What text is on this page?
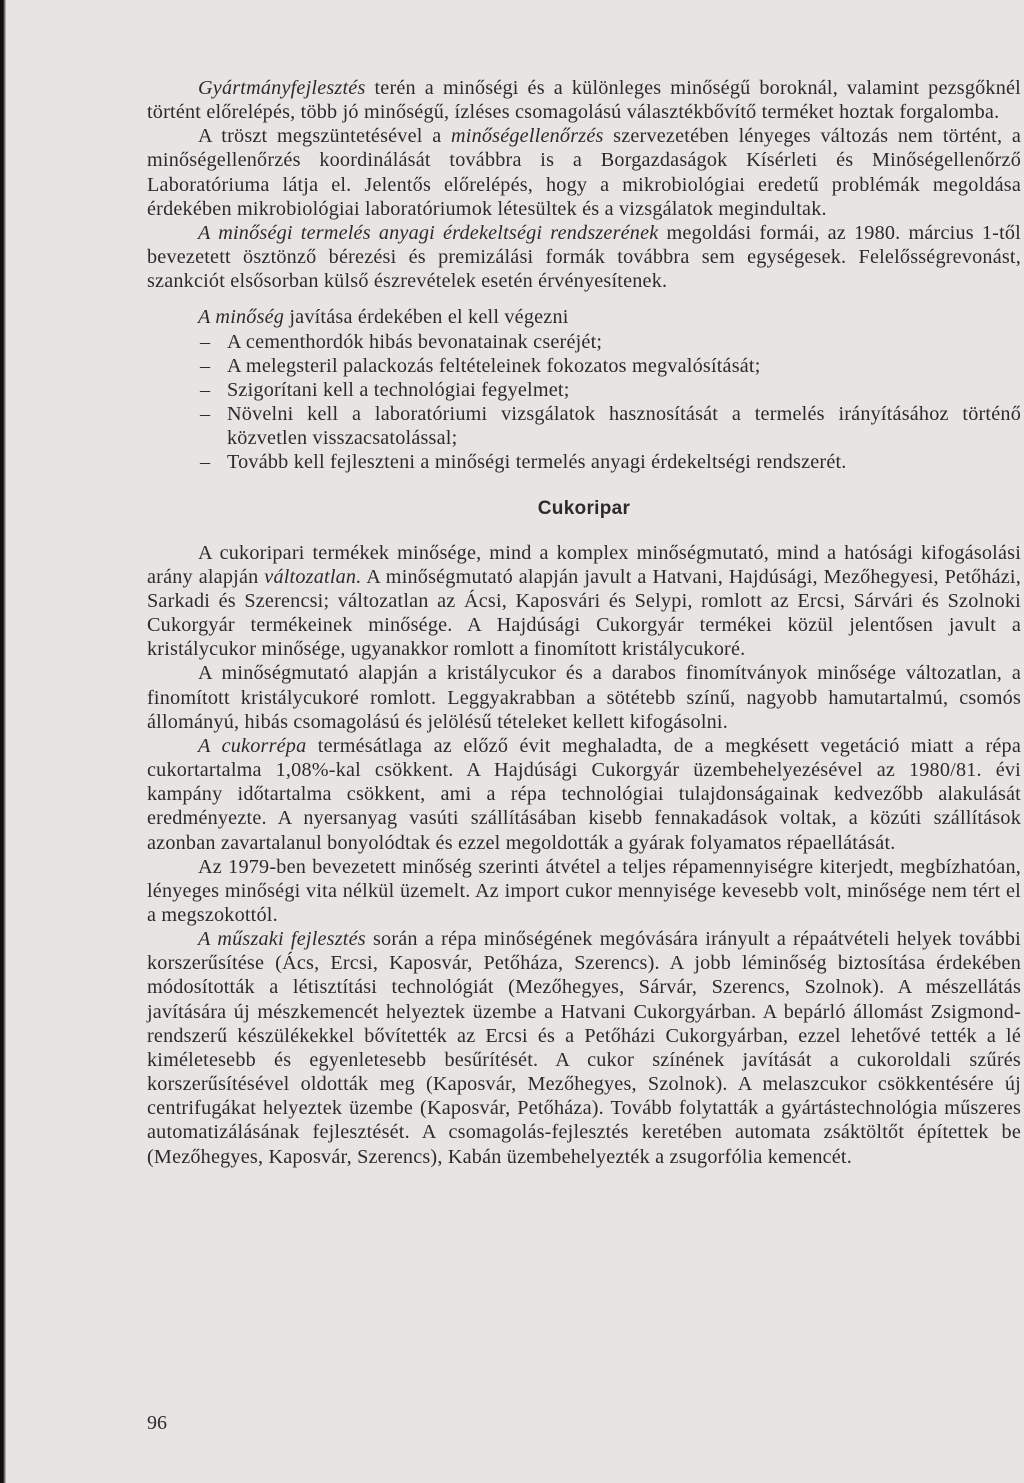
Gyártmányfejlesztés terén a minőségi és a különleges minőségű boroknál, valamint pezsgőknél történt előrelépés, több jó minőségű, ízléses csomagolású választékbővítő terméket hoztak forgalomba.

A tröszt megszüntetésével a minőségellenőrzés szervezetében lényeges változás nem történt, a minőségellenőrzés koordinálását továbbra is a Borgazdaságok Kísérleti és Minőségellenőrző Laboratóriuma látja el. Jelentős előrelépés, hogy a mikrobiológiai eredetű problémák megoldása érdekében mikrobiológiai laboratóriumok létesültek és a vizsgálatok megindultak.

A minőségi termelés anyagi érdekeltségi rendszerének megoldási formái, az 1980. március 1-től bevezetett ösztönző bérezési és premizálási formák továbbra sem egységesek. Felelősségrevonást, szankciót elsősorban külső észrevételek esetén érvényesítenek.

A minőség javítása érdekében el kell végezni

– A cementhordók hibás bevonatainak cseréjét;
– A melegsteril palackozás feltételeinek fokozatos megvalósítását;
– Szigorítani kell a technológiai fegyelmet;
– Növelni kell a laboratóriumi vizsgálatok hasznosítását a termelés irányításához történő közvetlen visszacsatolással;
– Tovább kell fejleszteni a minőségi termelés anyagi érdekeltségi rendszerét.
Cukoripar

A cukoripari termékek minősége, mind a komplex minőségmutató, mind a hatósági kifogásolási arány alapján változatlan. A minőségmutató alapján javult a Hatvani, Hajdúsági, Mezőhegyesi, Petőházi, Sarkadi és Szerencsi; változatlan az Ácsi, Kaposvári és Selypi, romlott az Ercsi, Sárvári és Szolnoki Cukorgyár termékeinek minősége. A Hajdúsági Cukorgyár termékei közül jelentősen javult a kristálycukor minősége, ugyanakkor romlott a finomított kristálycukoré.

A minőségmutató alapján a kristálycukor és a darabos finomítványok minősége változatlan, a finomított kristálycukoré romlott. Leggyakrabban a sötétebb színű, nagyobb hamutartalmú, csomós állományú, hibás csomagolású és jelölésű tételeket kellett kifogásolni.

A cukorrépa termésátlaga az előző évit meghaladta, de a megkésett vegetáció miatt a répa cukortartalma 1,08%-kal csökkent. A Hajdúsági Cukorgyár üzembehelyezésével az 1980/81. évi kampány időtartalma csökkent, ami a répa technológiai tulajdonságainak kedvezőbb alakulását eredményezte. A nyersanyag vasúti szállításában kisebb fennakadások voltak, a közúti szállítások azonban zavartalanul bonyolódtak és ezzel megoldották a gyárak folyamatos répaellátását.

Az 1979-ben bevezetett minőség szerinti átvétel a teljes répamennyiségre kiterjedt, megbízhatóan, lényeges minőségi vita nélkül üzemelt. Az import cukor mennyisége kevesebb volt, minősége nem tért el a megszokottól.

A műszaki fejlesztés során a répa minőségének megóvására irányult a répaátvételi helyek további korszerűsítése (Ács, Ercsi, Kaposvár, Petőháza, Szerencs). A jobb léminőség biztosítása érdekében módosították a létisztítási technológiát (Mezőhegyes, Sárvár, Szerencs, Szolnok). A mészellátás javítására új mészkemencét helyeztek üzembe a Hatvani Cukorgyárban. A bepárló állomást Zsigmond-rendszerű készülékekkel bővítették az Ercsi és a Petőházi Cukorgyárban, ezzel lehetővé tették a lé kiméletesebb és egyenletesebb besűrítését. A cukor színének javítását a cukoroldali szűrés korszerűsítésével oldották meg (Kaposvár, Mezőhegyes, Szolnok). A melaszcukor csökkentésére új centrifugákat helyeztek üzembe (Kaposvár, Petőháza). Tovább folytatták a gyártástechnológia műszeres automatizálásának fejlesztését. A csomagolás-fejlesztés keretében automata zsáktöltőt építettek be (Mezőhegyes, Kaposvár, Szerencs), Kabán üzembehelyezték a zsugorfólia kemencét.

96
